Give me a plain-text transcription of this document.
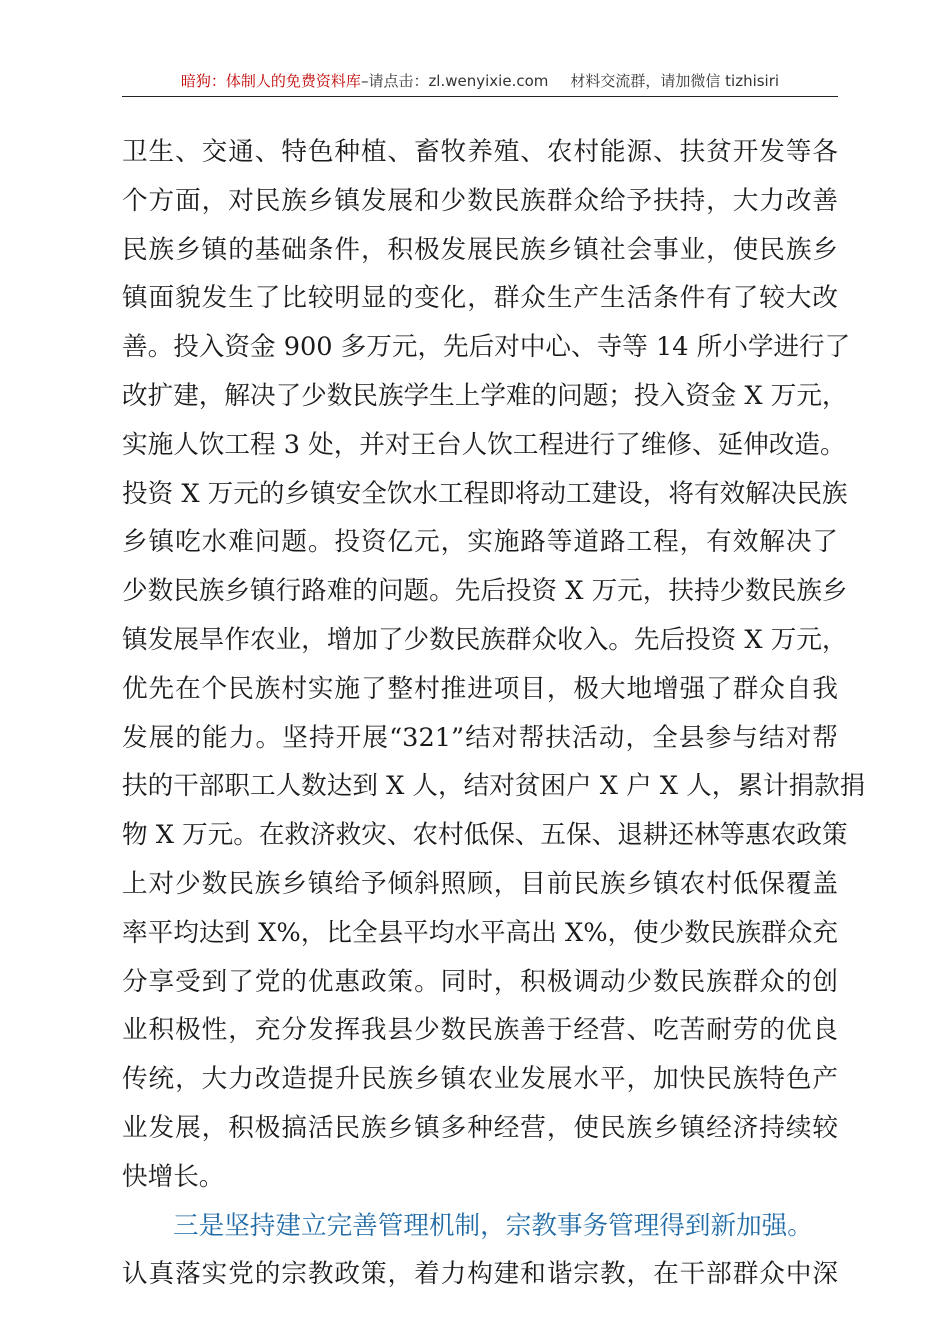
暗狗：体制人的免费资料库–请点击：zl.wenyixie.com 材料交流群，请加微信 tizhisiri
卫生、交通、特色种植、畜牧养殖、农村能源、扶贫开发等各
个方面，对民族乡镇发展和少数民族群众给予扶持，大力改善
民族乡镇的基础条件，积极发展民族乡镇社会事业，使民族乡
镇面貌发生了比较明显的变化，群众生产生活条件有了较大改
善。投入资金 900 多万元，先后对中心、寺等 14 所小学进行了
改扩建，解决了少数民族学生上学难的问题；投入资金 X 万元，
实施人饮工程 3 处，并对王台人饮工程进行了维修、延伸改造。
投资 X 万元的乡镇安全饮水工程即将动工建设，将有效解决民族
乡镇吃水难问题。投资亿元，实施路等道路工程，有效解决了
少数民族乡镇行路难的问题。先后投资 X 万元，扶持少数民族乡
镇发展旱作农业，增加了少数民族群众收入。先后投资 X 万元，
优先在个民族村实施了整村推进项目，极大地增强了群众自我
发展的能力。坚持开展“321”结对帮扶活动，全县参与结对帮
扶的干部职工人数达到 X 人，结对贫困户 X 户 X 人，累计捐款捐
物 X 万元。在救济救灾、农村低保、五保、退耕还林等惠农政策
上对少数民族乡镇给予倾斜照顾，目前民族乡镇农村低保覆盖
率平均达到 X%，比全县平均水平高出 X%，使少数民族群众充
分享受到了党的优惠政策。同时，积极调动少数民族群众的创
业积极性，充分发挥我县少数民族善于经营、吃苦耐劳的优良
传统，大力改造提升民族乡镇农业发展水平，加快民族特色产
业发展，积极搞活民族乡镇多种经营，使民族乡镇经济持续较
快增长。
三是坚持建立完善管理机制，宗教事务管理得到新加强。
认真落实党的宗教政策，着力构建和谐宗教，在干部群众中深
